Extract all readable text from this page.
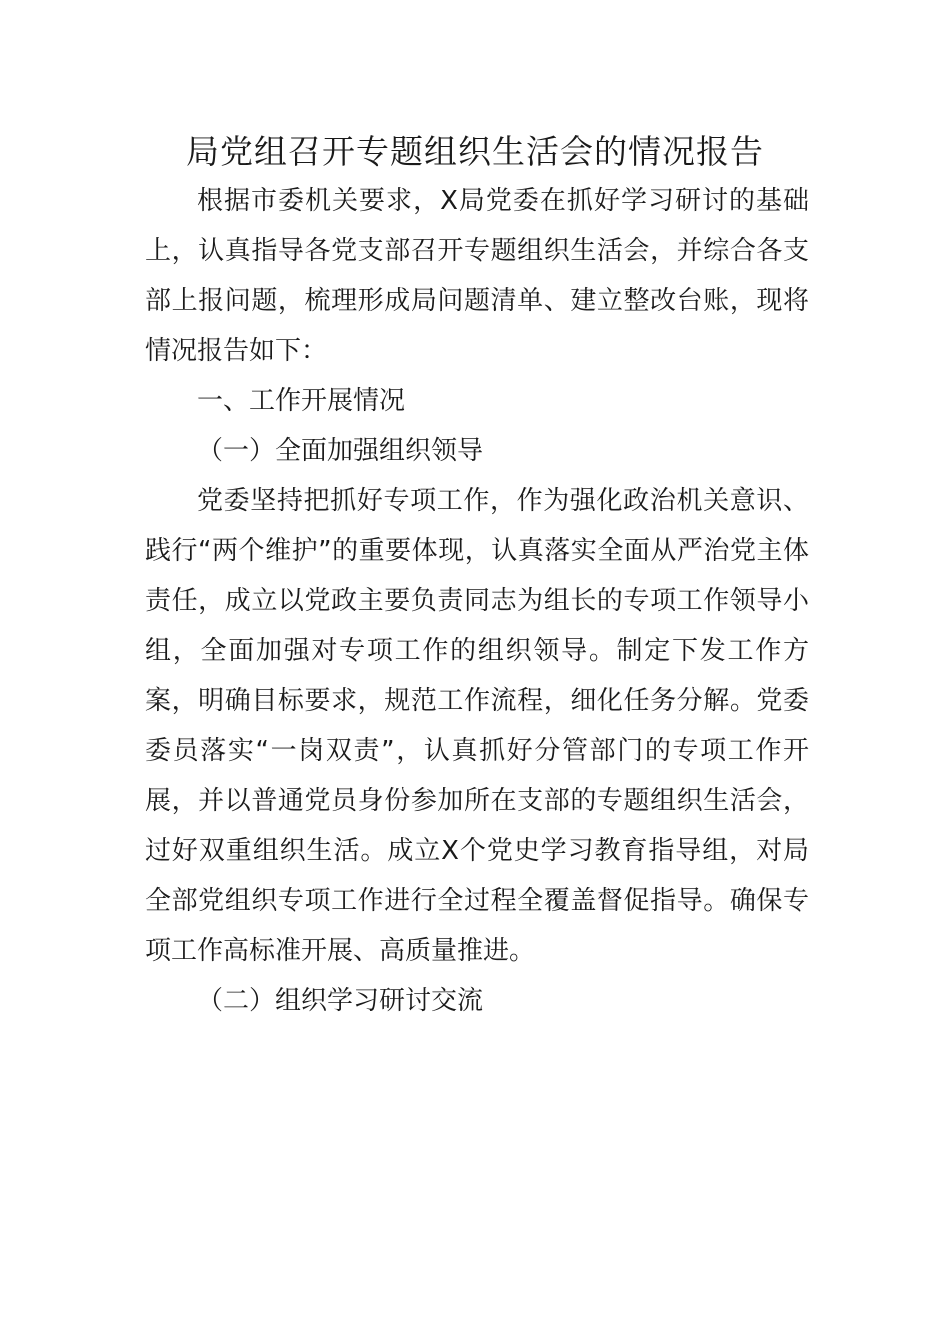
局党组召开专题组织生活会的情况报告

根据市委机关要求，X局党委在抓好学习研讨的基础上，认真指导各党支部召开专题组织生活会，并综合各支部上报问题，梳理形成局问题清单、建立整改台账，现将情况报告如下：

一、工作开展情况

（一）全面加强组织领导

党委坚持把抓好专项工作，作为强化政治机关意识、践行“两个维护”的重要体现，认真落实全面从严治党主体责任，成立以党政主要负责同志为组长的专项工作领导小组，全面加强对专项工作的组织领导。制定下发工作方案，明确目标要求，规范工作流程，细化任务分解。党委委员落实“一岗双责”，认真抓好分管部门的专项工作开展，并以普通党员身份参加所在支部的专题组织生活会，过好双重组织生活。成立X个党史学习教育指导组，对局全部党组织专项工作进行全过程全覆盖督促指导。确保专项工作高标准开展、高质量推进。

（二）组织学习研讨交流
